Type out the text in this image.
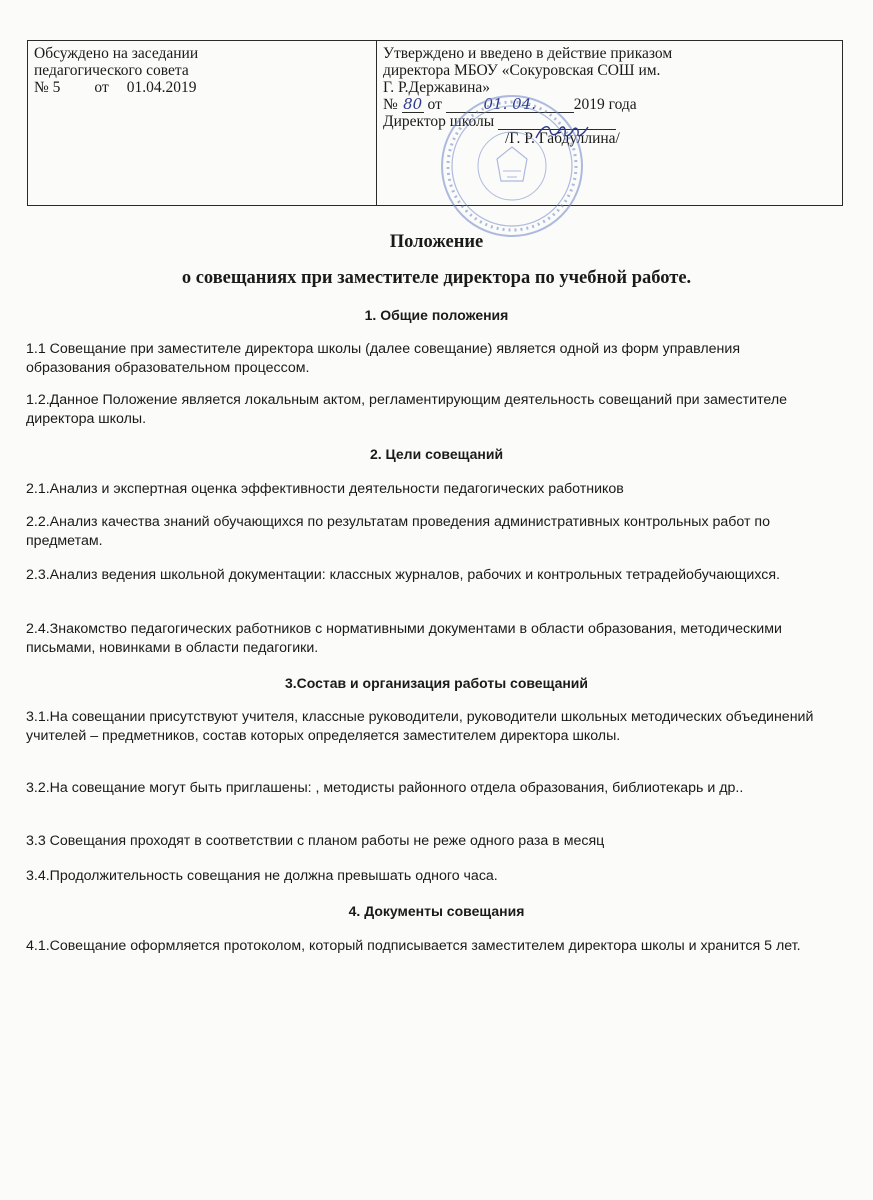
Обсуждено на заседании
педагогического совета
№ 5 от 01.04.2019

Утверждено и введено в действие приказом
директора МБОУ «Сокуровская СОШ им.
Г. Р.Державина»
№ 80 от	01. 04. 2019 года
Директор школы
/Г. Р. Габдуллина/
Положение
о совещаниях при заместителе директора по учебной работе.
1. Общие положения
1.1 Совещание при заместителе директора школы (далее совещание) является одной из форм управления образования образовательном процессом.
1.2.Данное Положение является локальным актом, регламентирующим деятельность совещаний при заместителе директора школы.
2. Цели совещаний
2.1.Анализ и экспертная оценка эффективности деятельности педагогических работников
2.2.Анализ качества знаний обучающихся по результатам проведения административных контрольных работ по предметам.
2.3.Анализ ведения школьной документации: классных журналов, рабочих и контрольных тетрадейобучающихся.
2.4.Знакомство педагогических работников с нормативными документами в области образования, методическими письмами, новинками в области педагогики.
3.Состав и организация работы совещаний
3.1.На совещании присутствуют учителя, классные руководители, руководители школьных методических объединений учителей – предметников, состав которых определяется заместителем директора школы.
3.2.На совещание могут быть приглашены: , методисты районного отдела образования, библиотекарь и др..
3.3 Совещания проходят в соответствии с планом работы не реже одного раза в месяц
3.4.Продолжительность совещания не должна превышать одного часа.
4. Документы совещания
4.1.Совещание оформляется протоколом, который подписывается заместителем директора школы и хранится 5 лет.
